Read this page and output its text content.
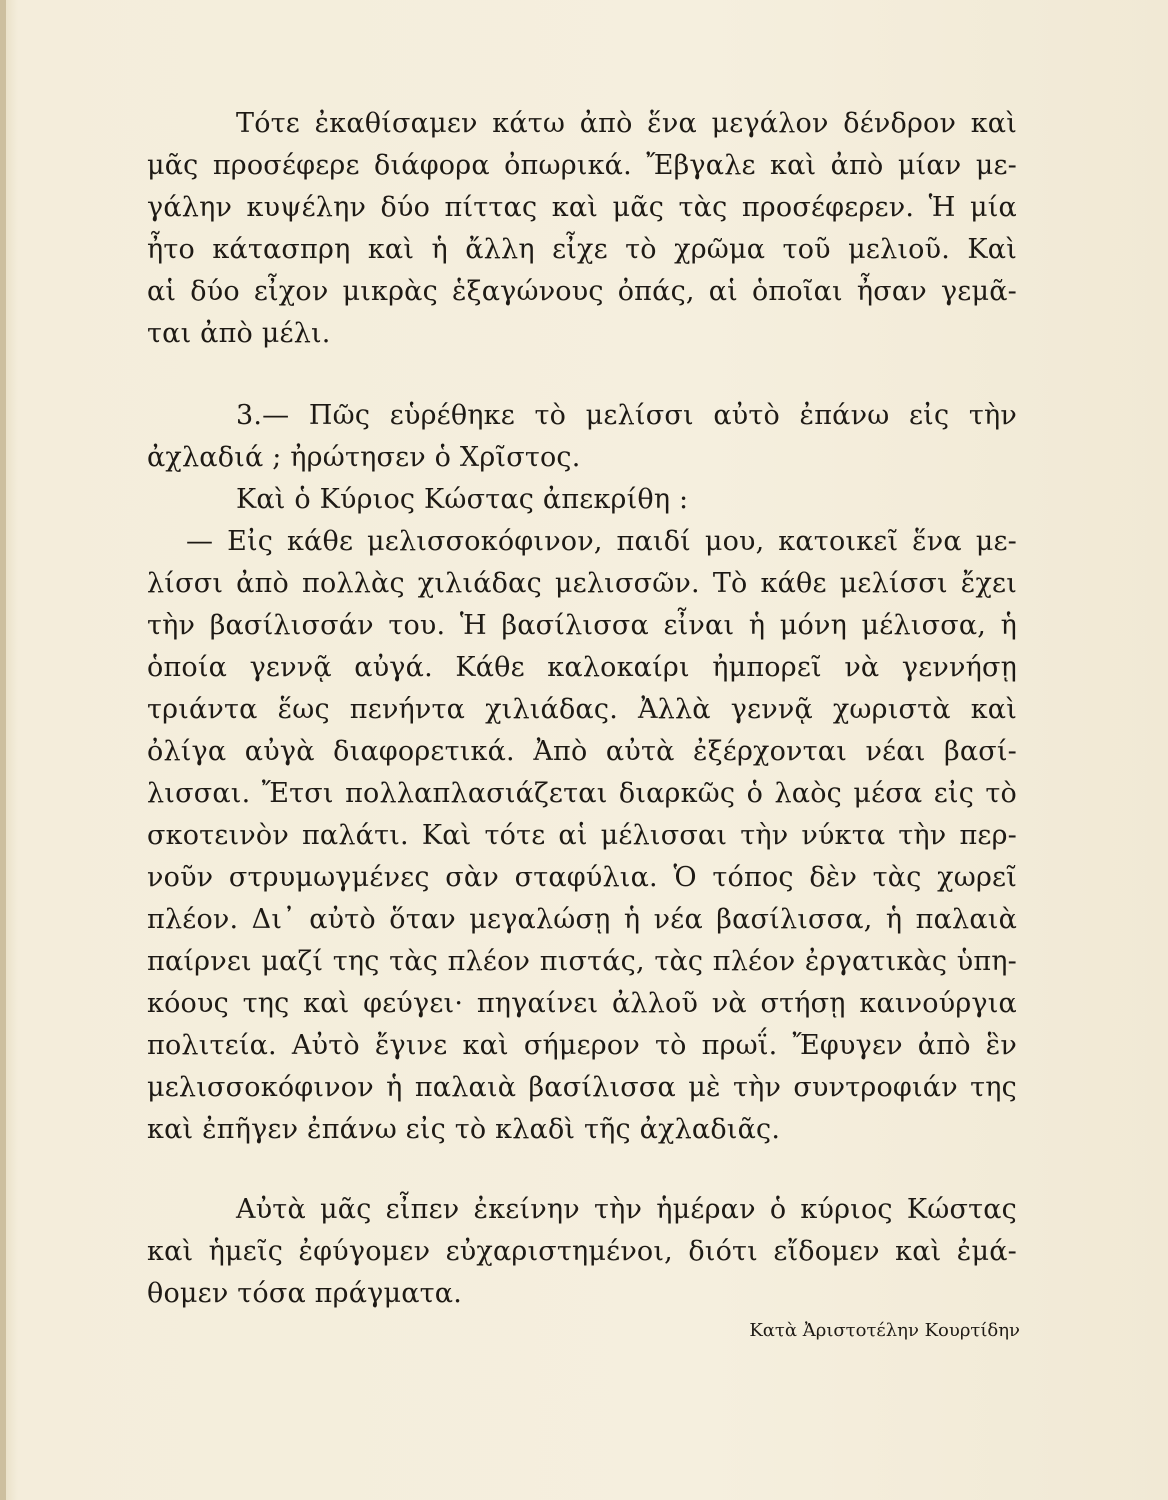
Τότε ἐκαθίσαμεν κάτω ἀπὸ ἕνα μεγάλον δένδρον καὶ
μᾶς προσέφερε διάφορα ὀπωρικά. Ἔβγαλε καὶ ἀπὸ μίαν με-
γάλην κυψέλην δύο πίττας καὶ μᾶς τὰς προσέφερεν. Ἡ μία
ἦτο κάτασπρη καὶ ἡ ἄλλη εἶχε τὸ χρῶμα τοῦ μελιοῦ. Καὶ
αἱ δύο εἶχον μικρὰς ἑξαγώνους ὀπάς, αἱ ὁποῖαι ἦσαν γεμᾶ-
ται ἀπὸ μέλι.
3.— Πῶς εὑρέθηκε τὸ μελίσσι αὐτὸ ἐπάνω εἰς τὴν
ἀχλαδιά ; ἠρώτησεν ὁ Χρῖστος.
Καὶ ὁ Κύριος Κώστας ἀπεκρίθη :
— Εἰς κάθε μελισσοκόφινον, παιδί μου, κατοικεῖ ἕνα με-
λίσσι ἀπὸ πολλὰς χιλιάδας μελισσῶν. Τὸ κάθε μελίσσι ἔχει
τὴν βασίλισσάν του. Ἡ βασίλισσα εἶναι ἡ μόνη μέλισσα, ἡ
ὁποία γεννᾷ αὐγά. Κάθε καλοκαίρι ἠμπορεῖ νὰ γεννήσῃ
τριάντα ἕως πενήντα χιλιάδας. Ἀλλὰ γεννᾷ χωριστὰ καὶ
ὀλίγα αὐγὰ διαφορετικά. Ἀπὸ αὐτὰ ἐξέρχονται νέαι βασί-
λισσαι. Ἔτσι πολλαπλασιάζεται διαρκῶς ὁ λαὸς μέσα εἰς τὸ
σκοτεινὸν παλάτι. Καὶ τότε αἱ μέλισσαι τὴν νύκτα τὴν περ-
νοῦν στρυμωγμένες σὰν σταφύλια. Ὁ τόπος δὲν τὰς χωρεῖ
πλέον. Δι᾽ αὐτὸ ὅταν μεγαλώσῃ ἡ νέα βασίλισσα, ἡ παλαιὰ
παίρνει μαζί της τὰς πλέον πιστάς, τὰς πλέον ἐργατικὰς ὑπη-
κόους της καὶ φεύγει· πηγαίνει ἀλλοῦ νὰ στήσῃ καινούργια
πολιτεία. Αὐτὸ ἔγινε καὶ σήμερον τὸ πρωΐ. Ἔφυγεν ἀπὸ ἓν
μελισσοκόφινον ἡ παλαιὰ βασίλισσα μὲ τὴν συντροφιάν της
καὶ ἐπῆγεν ἐπάνω εἰς τὸ κλαδὶ τῆς ἀχλαδιᾶς.
Αὐτὰ μᾶς εἶπεν ἐκείνην τὴν ἡμέραν ὁ κύριος Κώστας
καὶ ἡμεῖς ἐφύγομεν εὐχαριστημένοι, διότι εἴδομεν καὶ ἐμά-
θομεν τόσα πράγματα.
Κατὰ Ἀριστοτέλην Κουρτίδην
